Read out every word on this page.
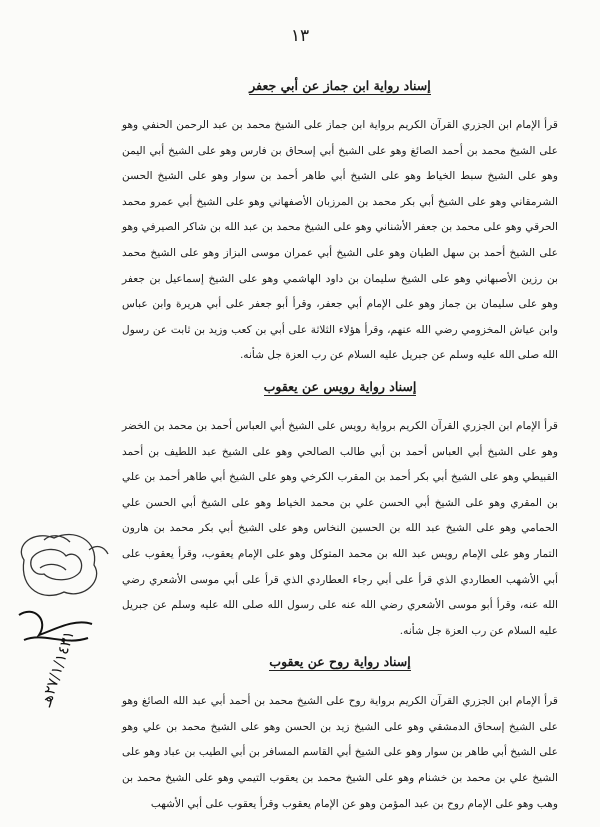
١٣
إسناد رواية ابن جماز عن أبي جعفر
قرأ الإمام ابن الجزري القرآن الكريم برواية ابن جماز على الشيخ محمد بن عبد الرحمن الحنفي وهو على الشيخ محمد بن أحمد الصائغ وهو على الشيخ أبي إسحاق بن فارس وهو على الشيخ أبي اليمن وهو على الشيخ سبط الخياط وهو على الشيخ أبي طاهر أحمد بن سوار وهو على الشيخ الحسن الشرمقاني وهو على الشيخ أبي بكر محمد بن المرزبان الأصفهاني وهو على الشيخ أبي عمرو محمد الحرقي وهو على محمد بن جعفر الأشناني وهو على الشيخ محمد بن عبد الله بن شاكر الصيرفي وهو على الشيخ أحمد بن سهل الطيان وهو على الشيخ أبي عمران موسى البزاز وهو على الشيخ محمد بن رزين الأصبهاني وهو على الشيخ سليمان بن داود الهاشمي وهو على الشيخ إسماعيل بن جعفر وهو على سليمان بن جماز وهو على الإمام أبي جعفر، وقرأ أبو جعفر على أبي هريرة وابن عباس وابن عياش المخزومي رضي الله عنهم، وقرأ هؤلاء الثلاثة على أبي بن كعب وزيد بن ثابت عن رسول الله صلى الله عليه وسلم عن جبريل عليه السلام عن رب العزة جل شأنه.
إسناد رواية رويس عن يعقوب
قرأ الإمام ابن الجزري القرآن الكريم برواية رويس على الشيخ أبي العباس أحمد بن محمد بن الخضر وهو على الشيخ أبي العباس أحمد بن أبي طالب الصالحي وهو على الشيخ عبد اللطيف بن أحمد القبيطي وهو على الشيخ أبي بكر أحمد بن المقرب الكرخي وهو على الشيخ أبي طاهر أحمد بن علي بن المقري وهو على الشيخ أبي الحسن علي بن محمد الخياط وهو على الشيخ أبي الحسن علي الحمامي وهو على الشيخ عبد الله بن الحسين النخاس وهو على الشيخ أبي بكر محمد بن هارون التمار وهو على الإمام رويس عبد الله بن محمد المتوكل وهو على الإمام يعقوب، وقرأ يعقوب على أبي الأشهب العطاردي الذي قرأ على أبي رجاء العطاردي الذي قرأ على أبي موسى الأشعري رضي الله عنه، وقرأ أبو موسى الأشعري رضي الله عنه على رسول الله صلى الله عليه وسلم عن جبريل عليه السلام عن رب العزة جل شأنه.
إسناد رواية روح عن يعقوب
قرأ الإمام ابن الجزري القرآن الكريم برواية روح على الشيخ محمد بن أحمد أبي عبد الله الصائغ وهو على الشيخ إسحاق الدمشقي وهو على الشيخ زيد بن الحسن وهو على الشيخ محمد بن علي وهو على الشيخ أبي طاهر بن سوار وهو على الشيخ أبي القاسم المسافر بن أبي الطيب بن عباد وهو على الشيخ علي بن محمد بن خشنام وهو على الشيخ محمد بن يعقوب التيمي وهو على الشيخ محمد بن وهب وهو على الإمام روح بن عبد المؤمن وهو عن الإمام يعقوب وقرأ يعقوب على أبي الأشهب
٢٧/١/١٤٣١هـ
